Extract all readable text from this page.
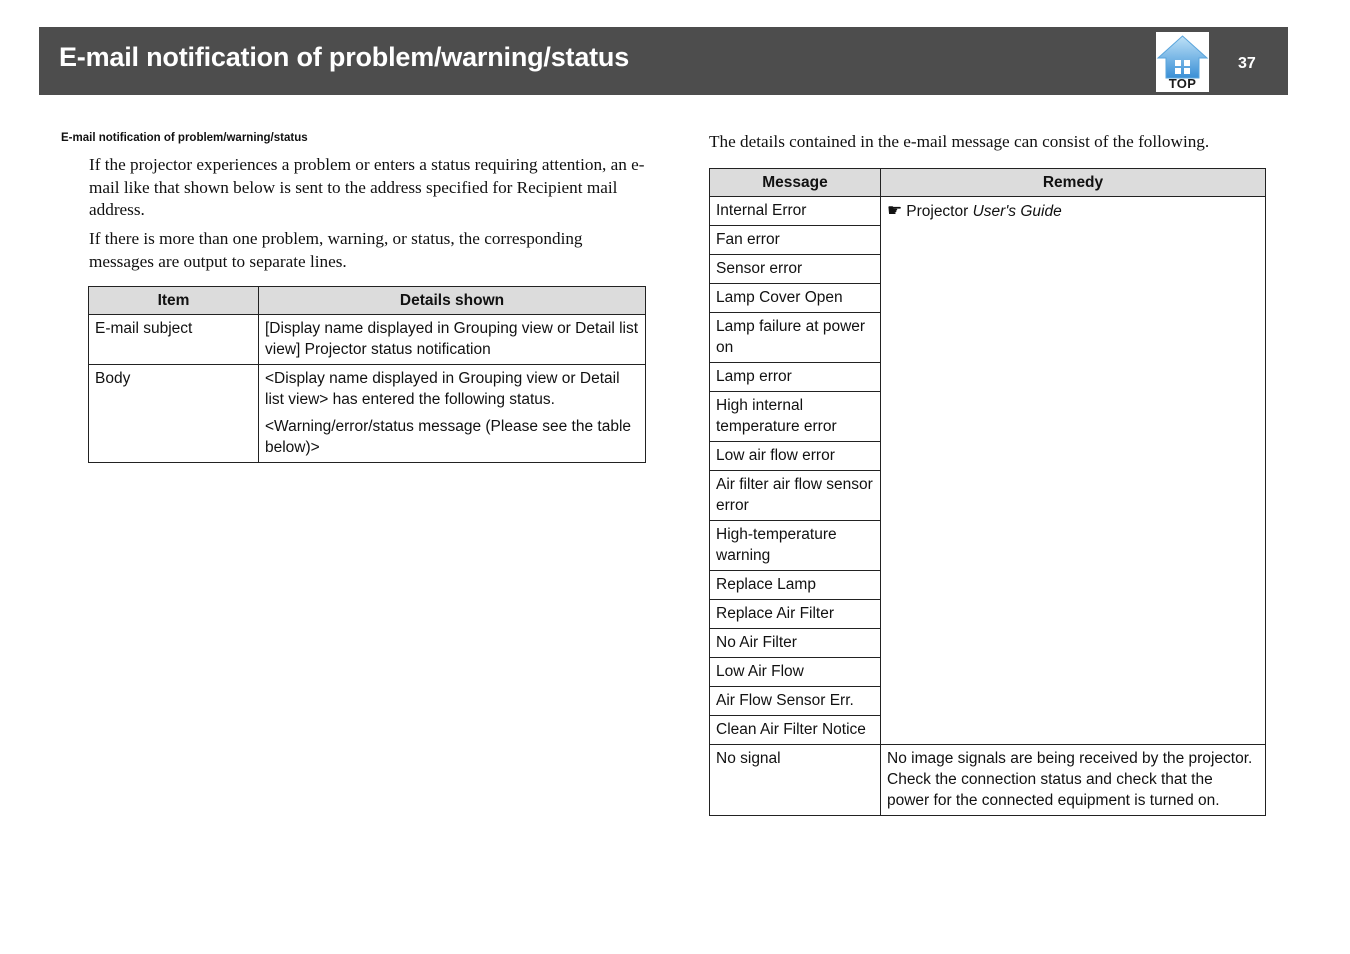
E-mail notification of problem/warning/status
TOP
37
E-mail notification of problem/warning/status

If the projector experiences a problem or enters a status requiring attention, an e-mail like that shown below is sent to the address specified for Recipient mail address.

If there is more than one problem, warning, or status, the corresponding messages are output to separate lines.

Item	Details shown
E-mail subject	[Display name displayed in Grouping view or Detail list view] Projector status notification

Body	<Display name displayed in Grouping view or Detail list view> has entered the following status.

<Warning/error/status message (Please see the table below)>

The details contained in the e-mail message can consist of the following.

Message	Remedy
Internal Error	☛ Projector User's Guide
Fan error	
Sensor error	
Lamp Cover Open	
Lamp failure at power on	
Lamp error	
High internal temperature error	
Low air flow error	
Air filter air flow sensor error	
High-temperature warning	
Replace Lamp	
Replace Air Filter	
No Air Filter	
Low Air Flow	
Air Flow Sensor Err.	
Clean Air Filter Notice	
No signal	No image signals are being received by the projector. Check the connection status and check that the power for the connected equipment is turned on.
